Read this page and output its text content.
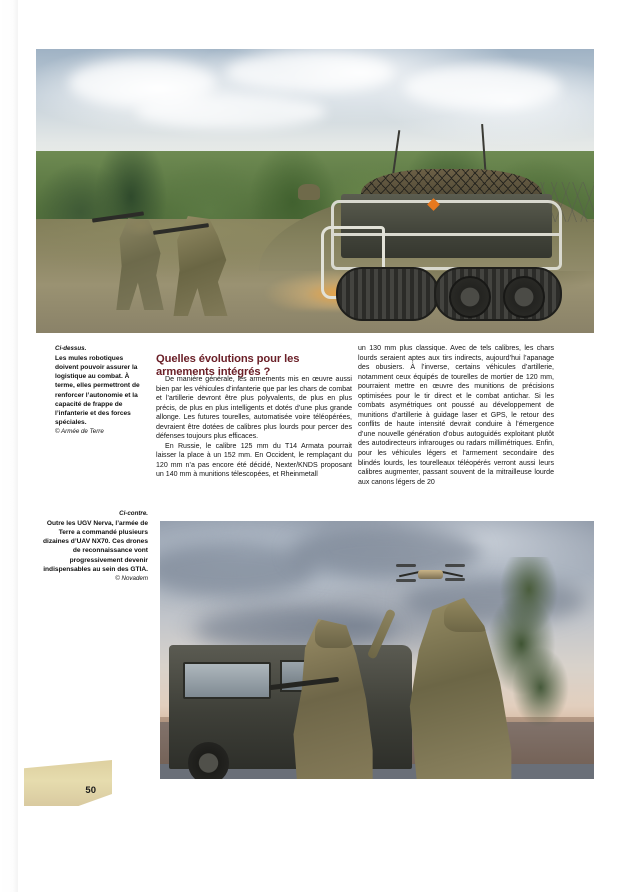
Ci-dessus.
Les mules robotiques doivent pouvoir assurer la logistique au combat. À terme, elles permettront de renforcer l’autonomie et la capacité de frappe de l’infanterie et des forces spéciales.
© Armée de Terre
Quelles évolutions pour les armements intégrés ?

De manière générale, les armements mis en œuvre aussi bien par les véhicules d’infanterie que par les chars de combat et l’artillerie devront être plus polyvalents, de plus en plus précis, de plus en plus intelligents et dotés d’une plus grande allonge. Les futures tourelles, automatisée voire téléopérées, devraient être dotées de calibres plus lourds pour percer des défenses toujours plus efficaces.

En Russie, le calibre 125 mm du T14 Armata pourrait laisser la place à un 152 mm. En Occident, le remplaçant du 120 mm n’a pas encore été décidé, Nexter/KNDS proposant un 140 mm à munitions télescopées, et Rheinmetall

un 130 mm plus classique. Avec de tels calibres, les chars lourds seraient aptes aux tirs indirects, aujourd’hui l’apanage des obusiers. À l’inverse, certains véhicules d’artillerie, notamment ceux équipés de tourelles de mortier de 120 mm, pourraient mettre en œuvre des munitions de précisions optimisées pour le tir direct et le combat antichar. Si les combats asymétriques ont poussé au développement de munitions d’artillerie à guidage laser et GPS, le retour des conflits de haute intensité devrait conduire à l’émergence d’une nouvelle génération d’obus autoguidés exploitant plutôt des autodirecteurs infrarouges ou radars millimétriques. Enfin, pour les véhicules légers et l’armement secondaire des blindés lourds, les tourelleaux téléopérés verront aussi leurs calibres augmenter, passant souvent de la mitrailleuse lourde aux canons légers de 20

Ci-contre.
Outre les UGV Nerva, l’armée de Terre a commandé plusieurs dizaines d’UAV NX70. Ces drones de reconnaissance vont progressivement devenir indispensables au sein des GTIA.
© Novadem
50
